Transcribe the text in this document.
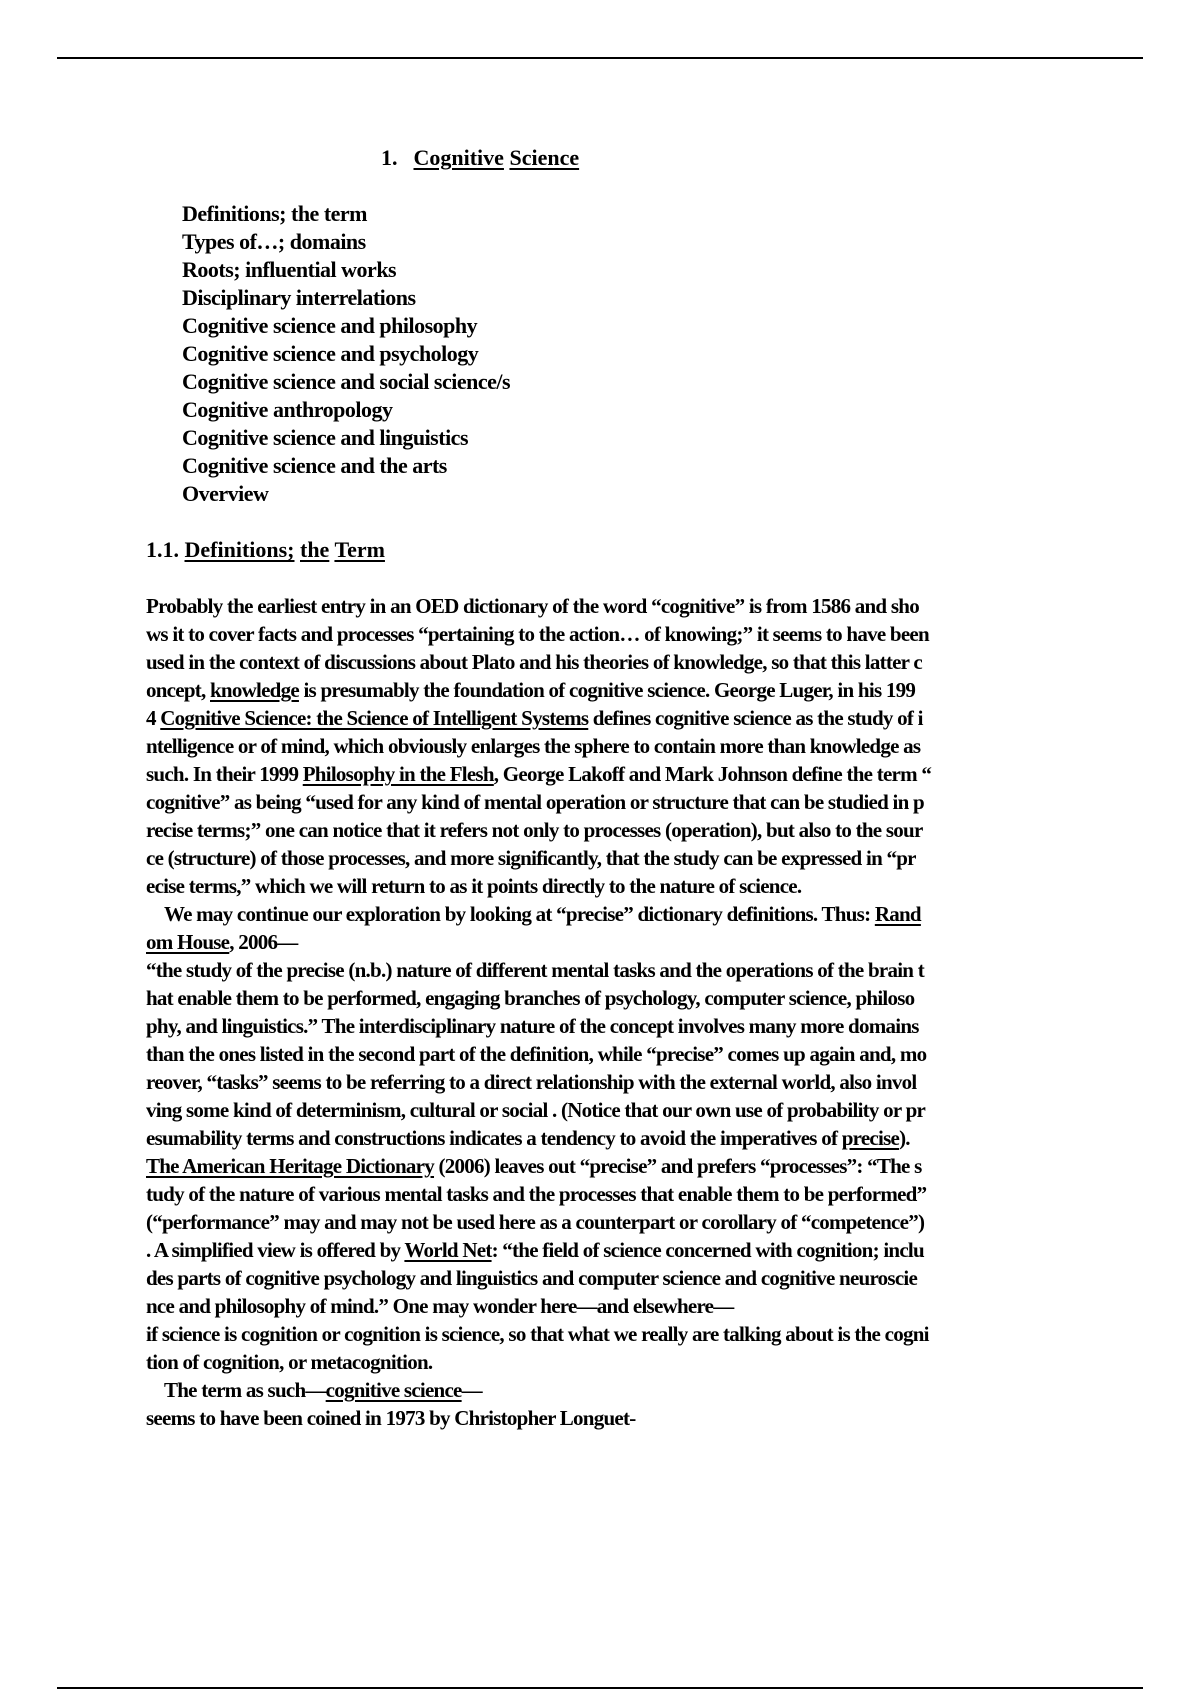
1. Cognitive Science
Definitions; the term
Types of…; domains
Roots; influential works
Disciplinary interrelations
Cognitive science and philosophy
Cognitive science and psychology
Cognitive science and social science/s
Cognitive anthropology
Cognitive science and linguistics
Cognitive science and the arts
Overview
1.1. Definitions; the Term
Probably the earliest entry in an OED dictionary of the word “cognitive” is from 1586 and sho
ws it to cover facts and processes “pertaining to the action… of knowing;” it seems to have been
used in the context of discussions about Plato and his theories of knowledge, so that this latter c
oncept, knowledge is presumably the foundation of cognitive science. George Luger, in his 199
4 Cognitive Science: the Science of Intelligent Systems defines cognitive science as the study of i
ntelligence or of mind, which obviously enlarges the sphere to contain more than knowledge as
such. In their 1999 Philosophy in the Flesh, George Lakoff and Mark Johnson define the term “
cognitive” as being “used for any kind of mental operation or structure that can be studied in p
recise terms;” one can notice that it refers not only to processes (operation), but also to the sour
ce (structure) of those processes, and more significantly, that the study can be expressed in “pr
ecise terms,” which we will return to as it points directly to the nature of science.
We may continue our exploration by looking at “precise” dictionary definitions. Thus: Rand
om House, 2006—
“the study of the precise (n.b.) nature of different mental tasks and the operations of the brain t
hat enable them to be performed, engaging branches of psychology, computer science, philoso
phy, and linguistics.” The interdisciplinary nature of the concept involves many more domains
than the ones listed in the second part of the definition, while “precise” comes up again and, mo
reover, “tasks” seems to be referring to a direct relationship with the external world, also invol
ving some kind of determinism, cultural or social . (Notice that our own use of probability or pr
esumability terms and constructions indicates a tendency to avoid the imperatives of precise).
The American Heritage Dictionary (2006) leaves out “precise” and prefers “processes”: “The s
tudy of the nature of various mental tasks and the processes that enable them to be performed”
(“performance” may and may not be used here as a counterpart or corollary of “competence”)
. A simplified view is offered by World Net: “the field of science concerned with cognition; inclu
des parts of cognitive psychology and linguistics and computer science and cognitive neuroscie
nce and philosophy of mind.” One may wonder here—and elsewhere—
if science is cognition or cognition is science, so that what we really are talking about is the cogni
tion of cognition, or metacognition.
The term as such—cognitive science—
seems to have been coined in 1973 by Christopher Longuet-
